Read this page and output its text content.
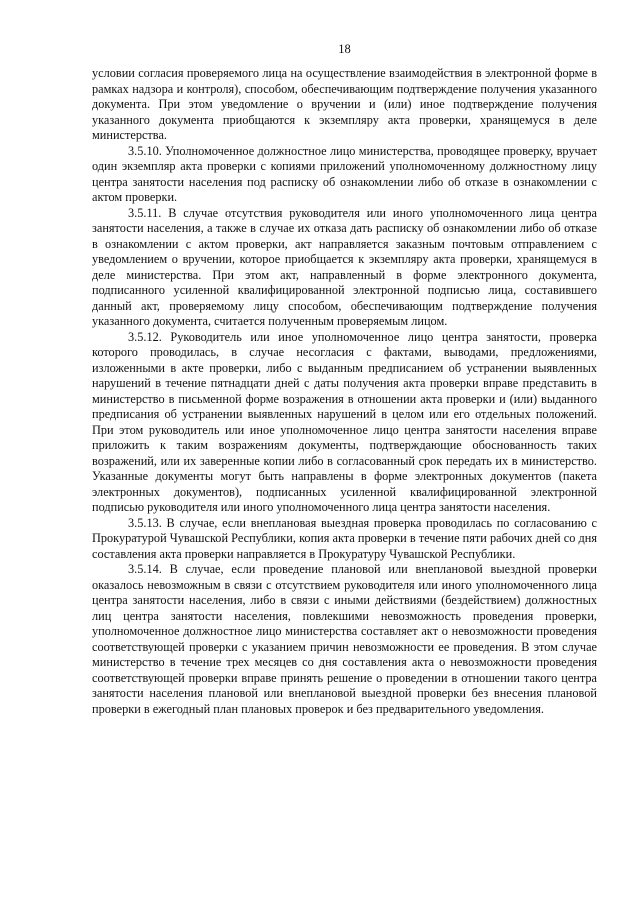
18

условии согласия проверяемого лица на осуществление взаимодействия в электронной форме в рамках надзора и контроля), способом, обеспечивающим подтверждение получения указанного документа. При этом уведомление о вручении и (или) иное подтверждение получения указанного документа приобщаются к экземпляру акта проверки, хранящемуся в деле министерства.

3.5.10. Уполномоченное должностное лицо министерства, проводящее проверку, вручает один экземпляр акта проверки с копиями приложений уполномоченному должностному лицу центра занятости населения под расписку об ознакомлении либо об отказе в ознакомлении с актом проверки.

3.5.11. В случае отсутствия руководителя или иного уполномоченного лица центра занятости населения, а также в случае их отказа дать расписку об ознакомлении либо об отказе в ознакомлении с актом проверки, акт направляется заказным почтовым отправлением с уведомлением о вручении, которое приобщается к экземпляру акта проверки, хранящемуся в деле министерства. При этом акт, направленный в форме электронного документа, подписанного усиленной квалифицированной электронной подписью лица, составившего данный акт, проверяемому лицу способом, обеспечивающим подтверждение получения указанного документа, считается полученным проверяемым лицом.

3.5.12. Руководитель или иное уполномоченное лицо центра занятости, проверка которого проводилась, в случае несогласия с фактами, выводами, предложениями, изложенными в акте проверки, либо с выданным предписанием об устранении выявленных нарушений в течение пятнадцати дней с даты получения акта проверки вправе представить в министерство в письменной форме возражения в отношении акта проверки и (или) выданного предписания об устранении выявленных нарушений в целом или его отдельных положений. При этом руководитель или иное уполномоченное лицо центра занятости населения вправе приложить к таким возражениям документы, подтверждающие обоснованность таких возражений, или их заверенные копии либо в согласованный срок передать их в министерство. Указанные документы могут быть направлены в форме электронных документов (пакета электронных документов), подписанных усиленной квалифицированной электронной подписью руководителя или иного уполномоченного лица центра занятости населения.

3.5.13. В случае, если внеплановая выездная проверка проводилась по согласованию с Прокуратурой Чувашской Республики, копия акта проверки в течение пяти рабочих дней со дня составления акта проверки направляется в Прокуратуру Чувашской Республики.

3.5.14. В случае, если проведение плановой или внеплановой выездной проверки оказалось невозможным в связи с отсутствием руководителя или иного уполномоченного лица центра занятости населения, либо в связи с иными действиями (бездействием) должностных лиц центра занятости населения, повлекшими невозможность проведения проверки, уполномоченное должностное лицо министерства составляет акт о невозможности проведения соответствующей проверки с указанием причин невозможности ее проведения. В этом случае министерство в течение трех месяцев со дня составления акта о невозможности проведения соответствующей проверки вправе принять решение о проведении в отношении такого центра занятости населения плановой или внеплановой выездной проверки без внесения плановой проверки в ежегодный план плановых проверок и без предварительного уведомления.
